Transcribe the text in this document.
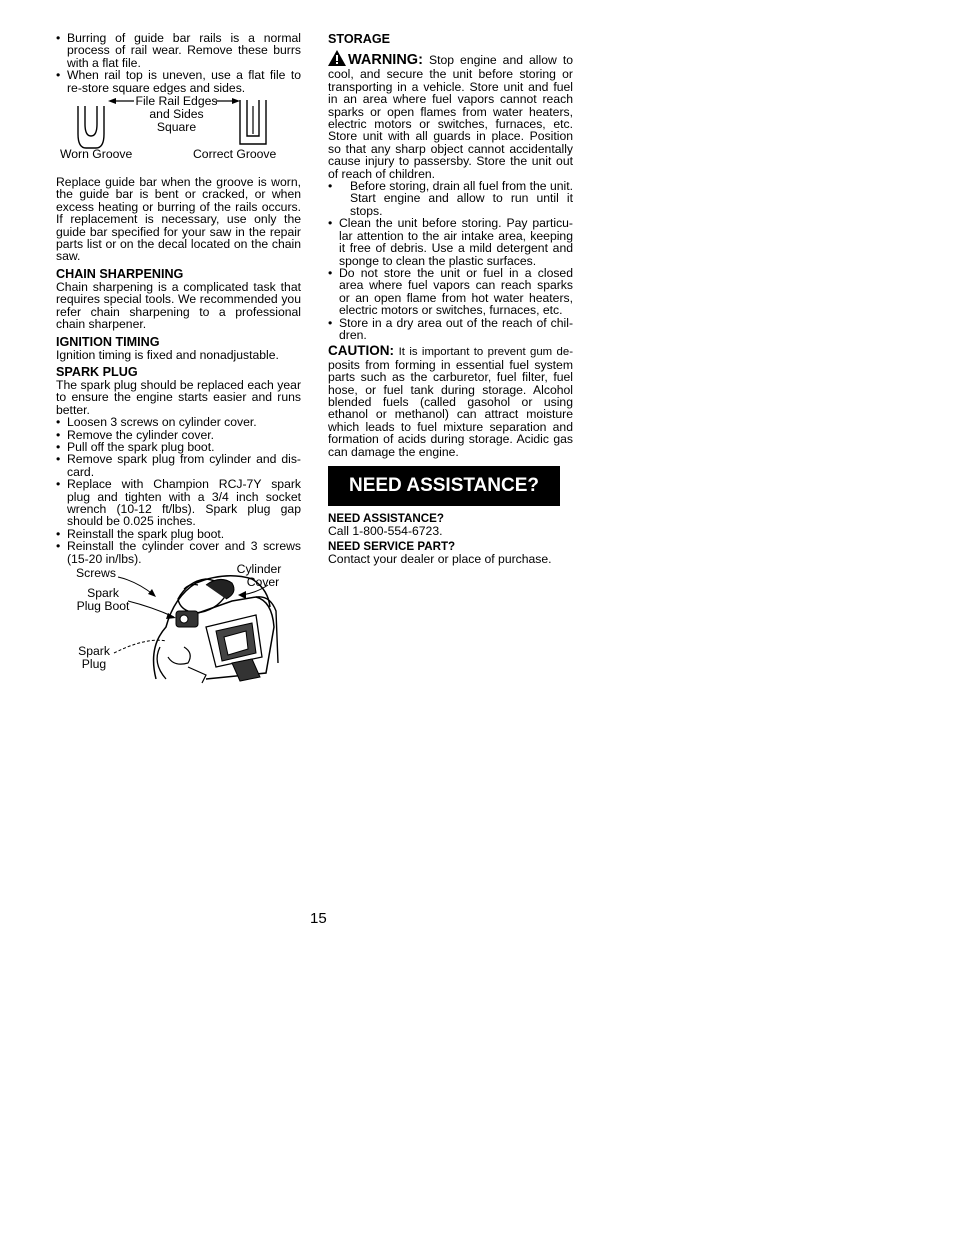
• Burring of guide bar rails is a normal process of rail wear. Remove these burrs with a flat file.
• When rail top is uneven, use a flat file to re-store square edges and sides.
File Rail Edges
and Sides
Square
Worn Groove	Correct Groove

Replace guide bar when the groove is worn, the guide bar is bent or cracked, or when excess heating or burring of the rails occurs. If replacement is necessary, use only the guide bar specified for your saw in the repair parts list or on the decal located on the chain saw.

CHAIN SHARPENING

Chain sharpening is a complicated task that requires special tools. We recommended you refer chain sharpening to a professional chain sharpener.

IGNITION TIMING

Ignition timing is fixed and nonadjustable.

SPARK PLUG

The spark plug should be replaced each year to ensure the engine starts easier and runs better.

• Loosen 3 screws on cylinder cover.
• Remove the cylinder cover.
• Pull off the spark plug boot.
• Remove spark plug from cylinder and dis-card.
• Replace with Champion RCJ-7Y spark plug and tighten with a 3/4 inch socket wrench (10-12 ft/lbs). Spark plug gap should be 0.025 inches.
• Reinstall the spark plug boot.
• Reinstall the cylinder cover and 3 screws (15-20 in/lbs).
Screws	Cylinder
Cover
Spark
Plug Boot
Spark
Plug
STORAGE

WARNING: Stop engine and allow to cool, and secure the unit before storing or transporting in a vehicle. Store unit and fuel in an area where fuel vapors cannot reach sparks or open flames from water heaters, electric motors or switches, furnaces, etc. Store unit with all guards in place. Position so that any sharp object cannot accidentally cause injury to passersby. Store the unit out of reach of children.

• Before storing, drain all fuel from the unit. Start engine and allow to run until it stops.
• Clean the unit before storing. Pay particu-lar attention to the air intake area, keeping it free of debris. Use a mild detergent and sponge to clean the plastic surfaces.
• Do not store the unit or fuel in a closed area where fuel vapors can reach sparks or an open flame from hot water heaters, electric motors or switches, furnaces, etc.
• Store in a dry area out of the reach of chil-dren.

CAUTION: It is important to prevent gum de- posits from forming in essential fuel system parts such as the carburetor, fuel filter, fuel hose, or fuel tank during storage. Alcohol blended fuels (called gasohol or using ethanol or methanol) can attract moisture which leads to fuel mixture separation and formation of acids during storage. Acidic gas can damage the engine.

NEED ASSISTANCE?
NEED ASSISTANCE?
Call 1-800-554-6723.
NEED SERVICE PART?
Contact your dealer or place of purchase.
15
